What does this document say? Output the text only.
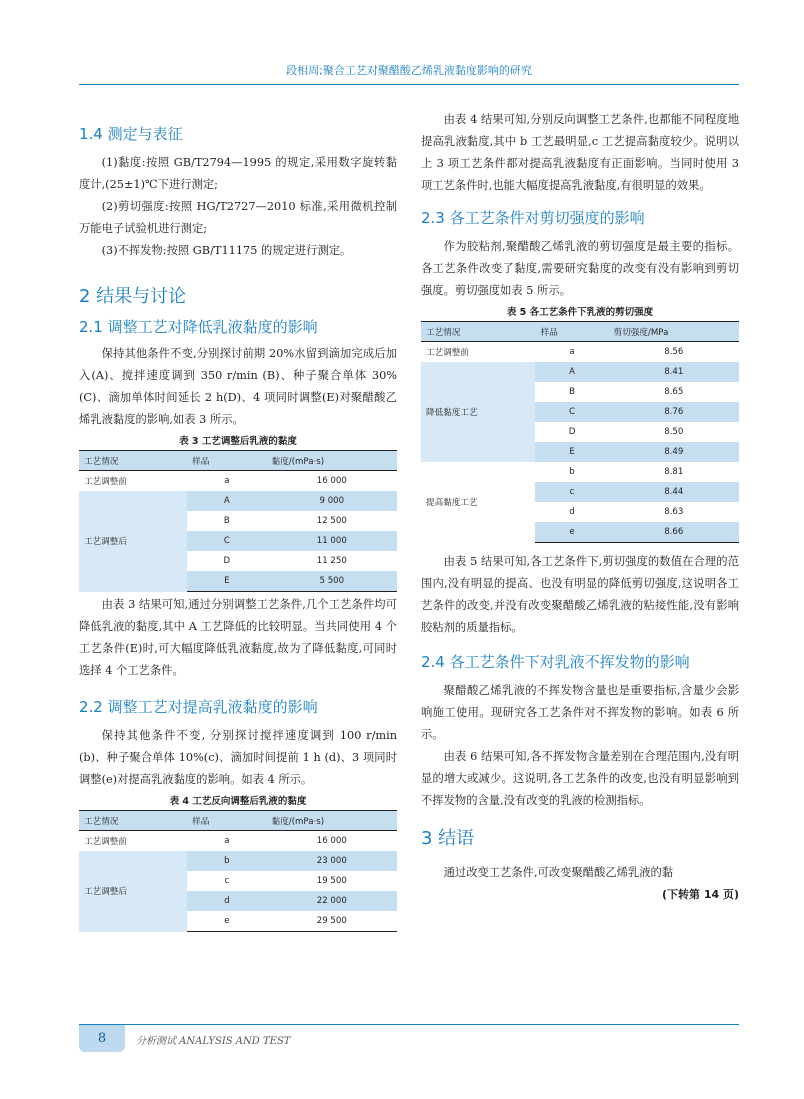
段相周;聚合工艺对聚醋酸乙烯乳液黏度影响的研究
1.4 测定与表征

(1)黏度:按照 GB/T2794—1995 的规定,采用数字旋转黏度计,(25±1)℃下进行测定;

(2)剪切强度:按照 HG/T2727—2010 标准,采用微机控制万能电子试验机进行测定;

(3)不挥发物:按照 GB/T11175 的规定进行测定。

2 结果与讨论
2.1 调整工艺对降低乳液黏度的影响

保持其他条件不变,分别探讨前期 20%水留到滴加完成后加入(A)、搅拌速度调到 350 r/min (B)、种子聚合单体 30%(C)、滴加单体时间延长 2 h(D)、4 项同时调整(E)对聚醋酸乙烯乳液黏度的影响,如表 3 所示。

表 3 工艺调整后乳液的黏度
工艺情况	样品	黏度/(mPa·s)
工艺调整前	a	16 000
工艺调整后	A	9 000
	B	12 500
	C	11 000
	D	11 250
	E	5 500

由表 3 结果可知,通过分别调整工艺条件,几个工艺条件均可降低乳液的黏度,其中 A 工艺降低的比较明显。当共同使用 4 个工艺条件(E)时,可大幅度降低乳液黏度,故为了降低黏度,可同时选择 4 个工艺条件。

2.2 调整工艺对提高乳液黏度的影响

保持其他条件不变, 分别探讨搅拌速度调到 100 r/min (b)、种子聚合单体 10%(c)、滴加时间提前 1 h (d)、3 项同时调整(e)对提高乳液黏度的影响。如表 4 所示。

表 4 工艺反向调整后乳液的黏度
工艺情况	样品	黏度/(mPa·s)
工艺调整前	a	16 000
工艺调整后	b	23 000
	c	19 500
	d	22 000
	e	29 500

由表 4 结果可知,分别反向调整工艺条件,也都能不同程度地提高乳液黏度,其中 b 工艺最明显,c 工艺提高黏度较少。说明以上 3 项工艺条件都对提高乳液黏度有正面影响。当同时使用 3 项工艺条件时,也能大幅度提高乳液黏度,有很明显的效果。

2.3 各工艺条件对剪切强度的影响

作为胶粘剂,聚醋酸乙烯乳液的剪切强度是最主要的指标。各工艺条件改变了黏度,需要研究黏度的改变有没有影响到剪切强度。剪切强度如表 5 所示。

表 5 各工艺条件下乳液的剪切强度
工艺情况	样品	剪切强度/MPa
工艺调整前	a	8.56
降低黏度工艺	A	8.41
	B	8.65
	C	8.76
	D	8.50
	E	8.49
提高黏度工艺	b	8.81
	c	8.44
	d	8.63
	e	8.66

由表 5 结果可知,各工艺条件下,剪切强度的数值在合理的范围内,没有明显的提高、也没有明显的降低剪切强度,这说明各工艺条件的改变,并没有改变聚醋酸乙烯乳液的粘接性能,没有影响胶粘剂的质量指标。

2.4 各工艺条件下对乳液不挥发物的影响

聚醋酸乙烯乳液的不挥发物含量也是重要指标,含量少会影响施工使用。现研究各工艺条件对不挥发物的影响。如表 6 所示。

由表 6 结果可知,各不挥发物含量差别在合理范围内,没有明显的增大或减少。这说明,各工艺条件的改变,也没有明显影响到不挥发物的含量,没有改变的乳液的检测指标。

3 结语

通过改变工艺条件,可改变聚醋酸乙烯乳液的黏

(下转第 14 页)

8	分析测试 ANALYSIS AND TEST
